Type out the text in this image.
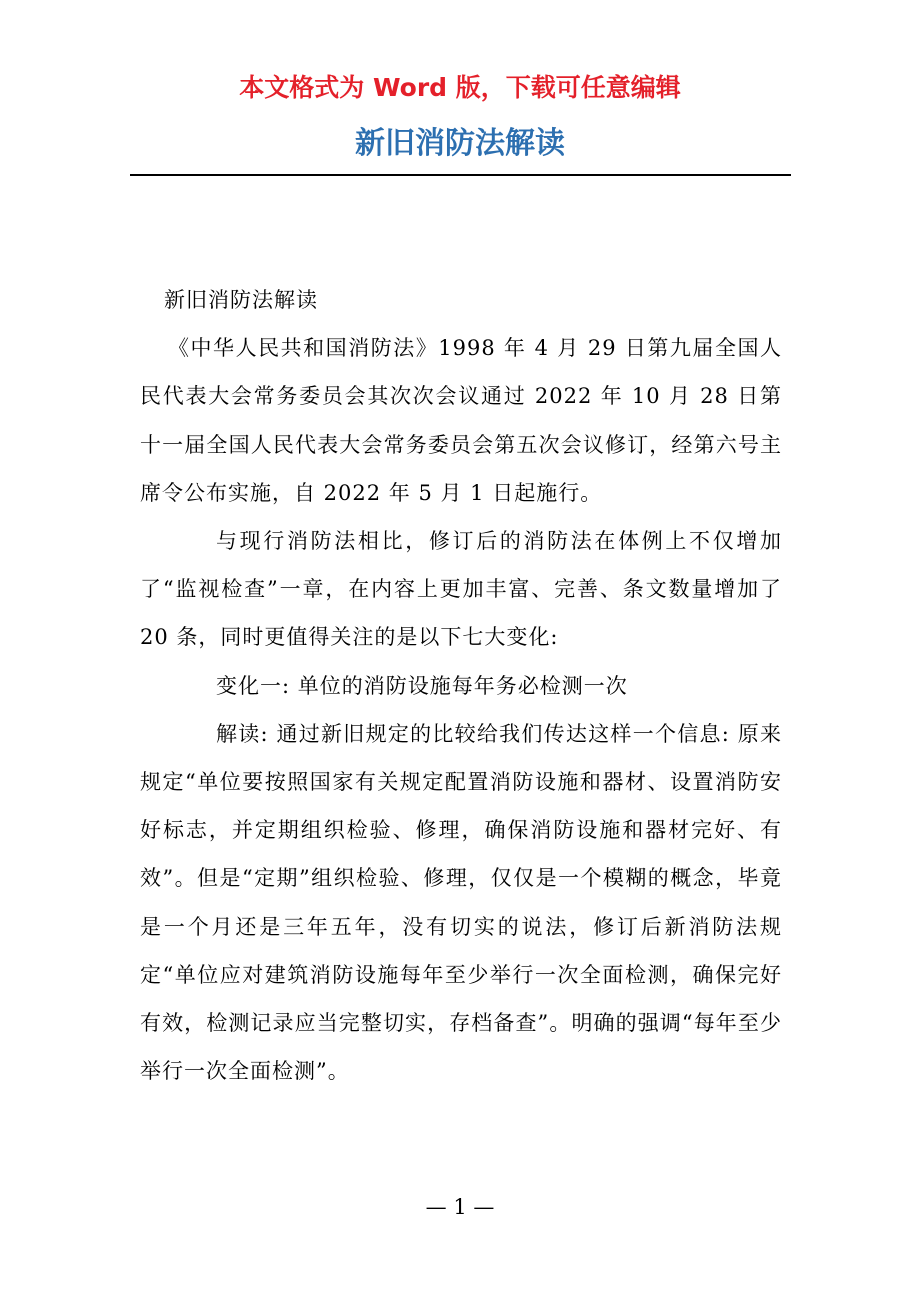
本文格式为 Word 版，下载可任意编辑
新旧消防法解读

新旧消防法解读

《中华人民共和国消防法》1998 年 4 月 29 日第九届全国人民代表大会常务委员会其次次会议通过 2022 年 10 月 28 日第十一届全国人民代表大会常务委员会第五次会议修订，经第六号主席令公布实施，自 2022 年 5 月 1 日起施行。

与现行消防法相比，修订后的消防法在体例上不仅增加了“监视检查”一章，在内容上更加丰富、完善、条文数量增加了 20 条，同时更值得关注的是以下七大变化:

变化一: 单位的消防设施每年务必检测一次

解读: 通过新旧规定的比较给我们传达这样一个信息: 原来规定“单位要按照国家有关规定配置消防设施和器材、设置消防安好标志，并定期组织检验、修理，确保消防设施和器材完好、有效”。但是“定期”组织检验、修理，仅仅是一个模糊的概念，毕竟是一个月还是三年五年，没有切实的说法，修订后新消防法规定“单位应对建筑消防设施每年至少举行一次全面检测，确保完好有效，检测记录应当完整切实，存档备查”。明确的强调“每年至少举行一次全面检测”。

— 1 —
